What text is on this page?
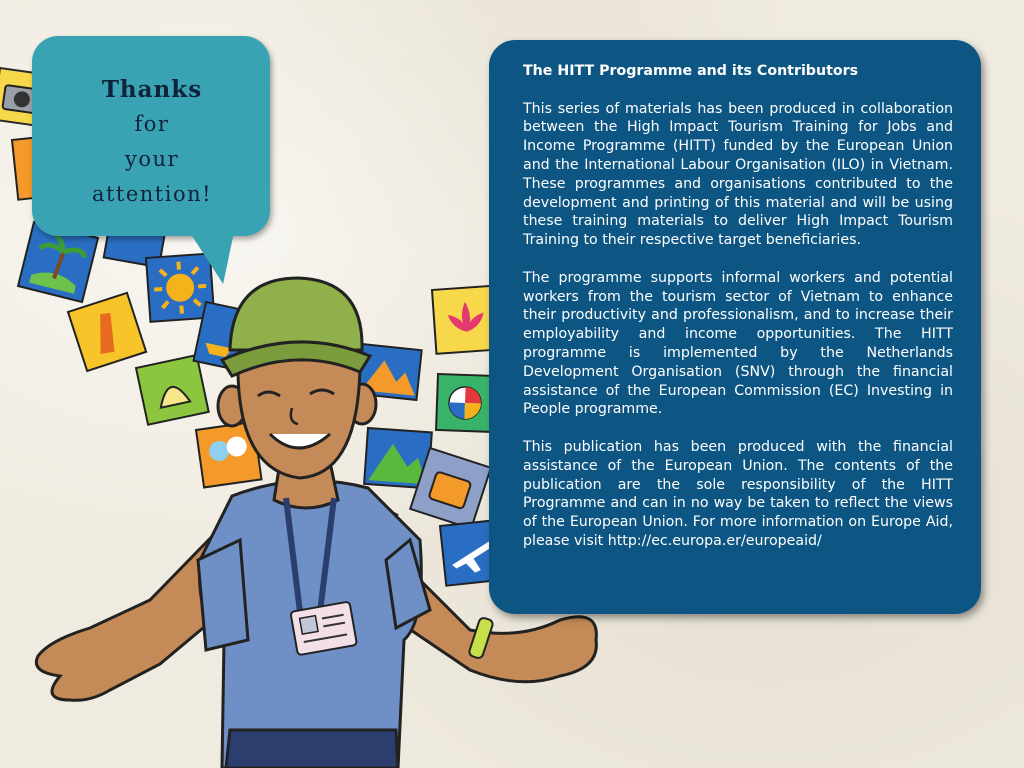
Thanks
for
your
attention!
The HITT Programme and its Contributors

This series of materials has been produced in collaboration between the High Impact Tourism Training for Jobs and Income Programme (HITT) funded by the European Union and the International Labour Organisation (ILO) in Vietnam. These programmes and organisations contributed to the development and printing of this material and will be using these training materials to deliver High Impact Tourism Training to their respective target beneficiaries.

The programme supports informal workers and potential workers from the tourism sector of Vietnam to enhance their productivity and professionalism, and to increase their employability and income opportunities. The HITT programme is implemented by the Netherlands Development Organisation (SNV) through the financial assistance of the European Commission (EC) Investing in People programme.

This publication has been produced with the financial assistance of the European Union. The contents of the publication are the sole responsibility of the HITT Programme and can in no way be taken to reflect the views of the European Union. For more information on Europe Aid, please visit http://ec.europa.er/europeaid/
